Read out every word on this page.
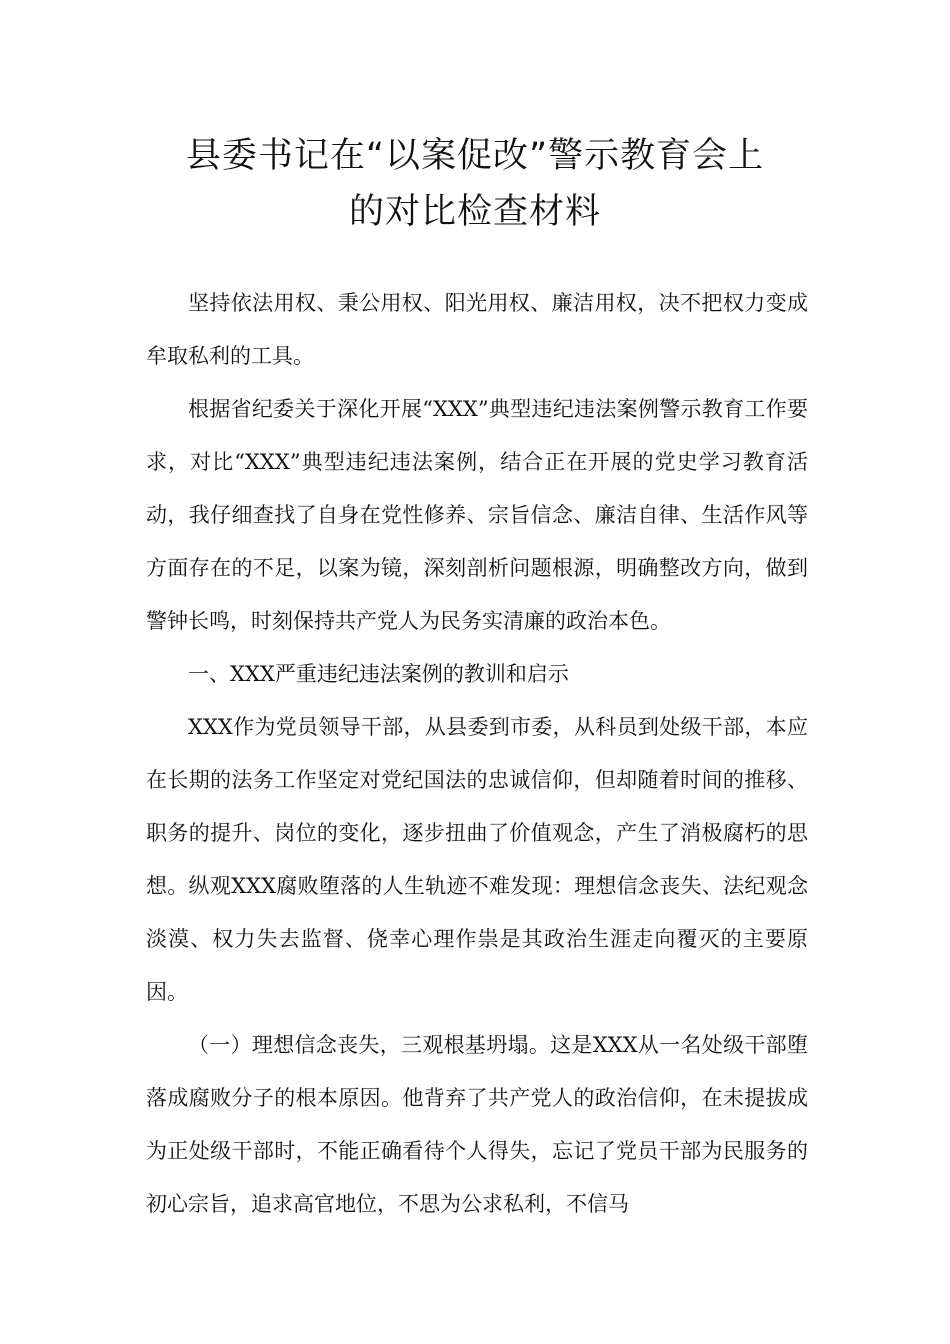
县委书记在“以案促改”警示教育会上
的对比检查材料

坚持依法用权、秉公用权、阳光用权、廉洁用权，决不把权力变成牟取私利的工具。

根据省纪委关于深化开展“XXX”典型违纪违法案例警示教育工作要求，对比“XXX”典型违纪违法案例，结合正在开展的党史学习教育活动，我仔细查找了自身在党性修养、宗旨信念、廉洁自律、生活作风等方面存在的不足，以案为镜，深刻剖析问题根源，明确整改方向，做到警钟长鸣，时刻保持共产党人为民务实清廉的政治本色。

一、XXX严重违纪违法案例的教训和启示

XXX作为党员领导干部，从县委到市委，从科员到处级干部，本应在长期的法务工作坚定对党纪国法的忠诚信仰，但却随着时间的推移、职务的提升、岗位的变化，逐步扭曲了价值观念，产生了消极腐朽的思想。纵观XXX腐败堕落的人生轨迹不难发现：理想信念丧失、法纪观念淡漠、权力失去监督、侥幸心理作祟是其政治生涯走向覆灭的主要原因。

（一）理想信念丧失，三观根基坍塌。这是XXX从一名处级干部堕落成腐败分子的根本原因。他背弃了共产党人的政治信仰，在未提拔成为正处级干部时，不能正确看待个人得失，忘记了党员干部为民服务的初心宗旨，追求高官地位，不思为公求私利，不信马
